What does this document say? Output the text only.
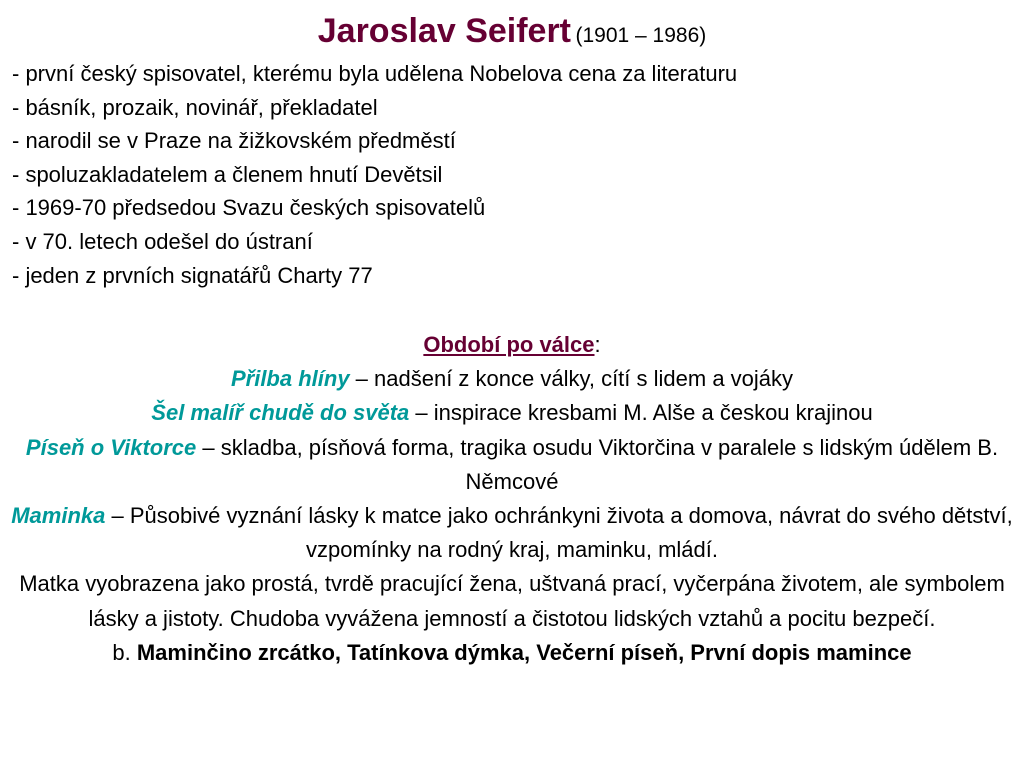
Jaroslav Seifert (1901 – 1986)
- první český spisovatel, kterému byla udělena Nobelova cena za literaturu
- básník, prozaik, novinář, překladatel
- narodil se v Praze na žižkovském předměstí
- spoluzakladatelem a členem hnutí Devětsil
- 1969-70 předsedou Svazu českých spisovatelů
- v 70. letech odešel do ústraní
- jeden z prvních signatářů Charty 77

Období po válce:

Přilba hlíny – nadšení z konce války, cítí s lidem a vojáky

Šel malíř chudě do světa – inspirace kresbami M. Alše a českou krajinou

Píseň o Viktorce – skladba, písňová forma, tragika osudu Viktorčina v paralele s lidským údělem B. Němcové

Maminka – Působivé vyznání lásky k matce jako ochránkyni života a domova, návrat do svého dětství, vzpomínky na rodný kraj, maminku, mládí.

Matka vyobrazena jako prostá, tvrdě pracující žena, uštvaná prací, vyčerpána životem, ale symbolem lásky a jistoty. Chudoba vyvážena jemností a čistotou lidských vztahů a pocitu bezpečí.

b. Maminčino zrcátko, Tatínkova dýmka, Večerní píseň, První dopis mamince
